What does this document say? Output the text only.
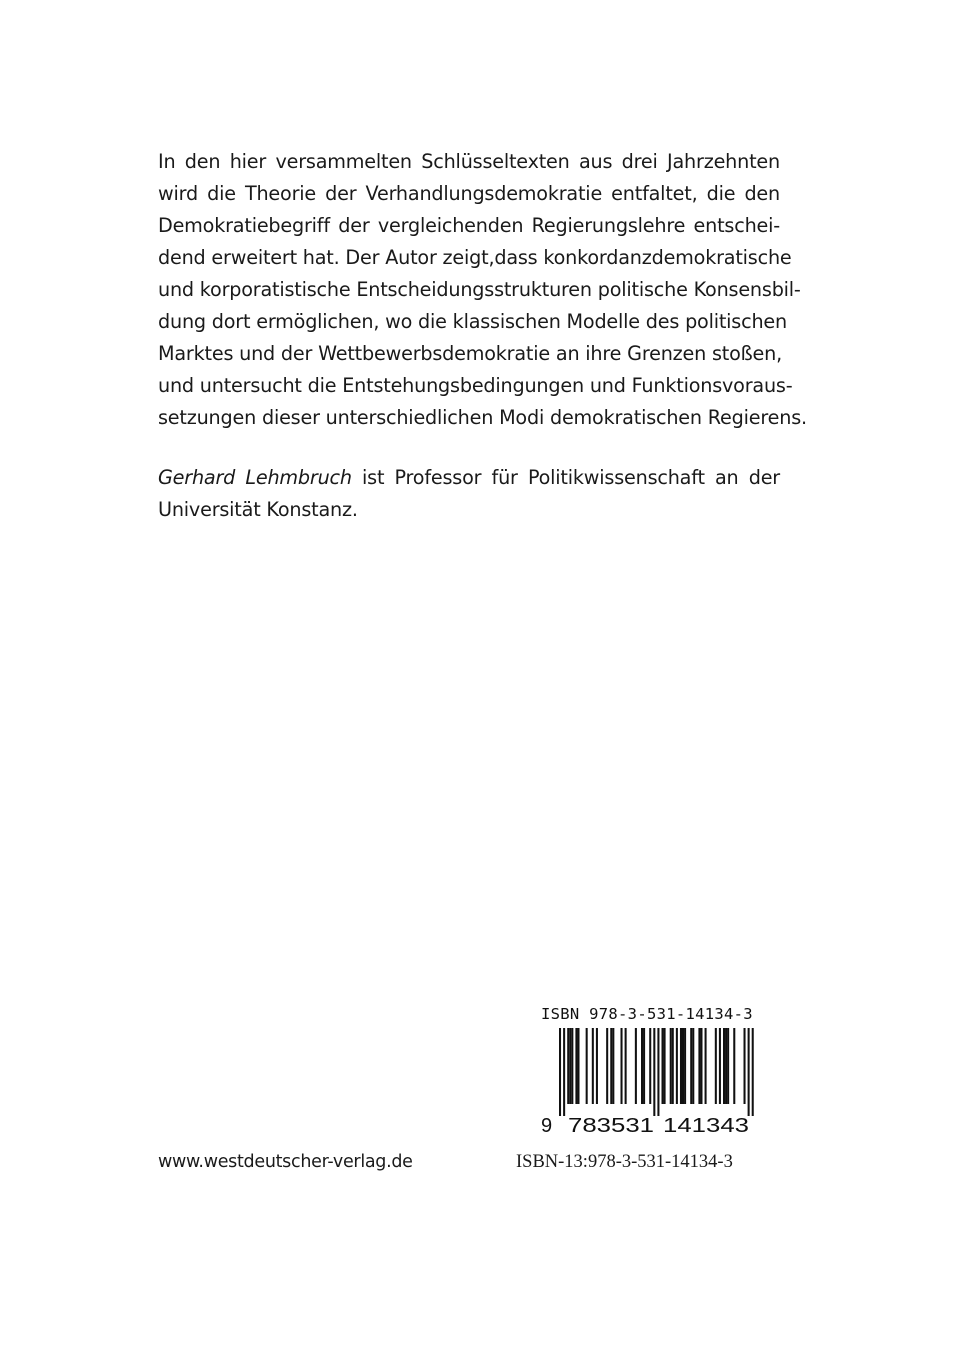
In den hier versammelten Schlüsseltexten aus drei Jahrzehnten
wird die Theorie der Verhandlungsdemokratie entfaltet, die den
Demokratiebegriff der vergleichenden Regierungslehre entschei-
dend erweitert hat. Der Autor zeigt,dass konkordanzdemokratische
und korporatistische Entscheidungsstrukturen politische Konsensbil-
dung dort ermöglichen, wo die klassischen Modelle des politischen
Marktes und der Wettbewerbsdemokratie an ihre Grenzen stoßen,
und untersucht die Entstehungsbedingungen und Funktionsvoraus-
setzungen dieser unterschiedlichen Modi demokratischen Regierens.
Gerhard Lehmbruch ist Professor für Politikwissenschaft an der
Universität Konstanz.
ISBN 978-3-531-14134-3
9 783531 141343
www.westdeutscher-verlag.de	ISBN-13:978-3-531-14134-3
